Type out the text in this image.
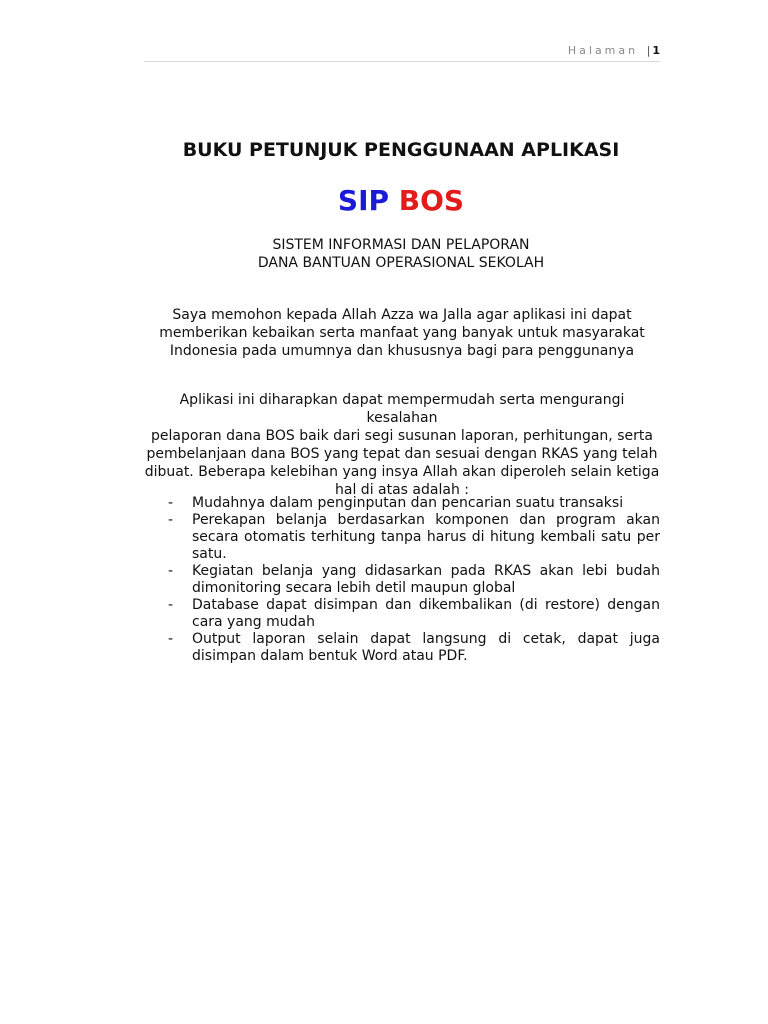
Halaman | 1
BUKU PETUNJUK PENGGUNAAN APLIKASI
SIP BOS
SISTEM INFORMASI DAN PELAPORAN
DANA BANTUAN OPERASIONAL SEKOLAH
Saya memohon kepada Allah Azza wa Jalla agar aplikasi ini dapat
memberikan kebaikan serta manfaat yang banyak untuk masyarakat
Indonesia pada umumnya dan khususnya bagi para penggunanya
Aplikasi ini diharapkan dapat mempermudah serta mengurangi kesalahan
pelaporan dana BOS baik dari segi susunan laporan, perhitungan, serta
pembelanjaan dana BOS yang tepat dan sesuai dengan RKAS yang telah
dibuat. Beberapa kelebihan yang insya Allah akan diperoleh selain ketiga
hal di atas adalah :
- Mudahnya dalam penginputan dan pencarian suatu transaksi
- Perekapan belanja berdasarkan komponen dan program akan secara otomatis terhitung tanpa harus di hitung kembali satu per satu.
- Kegiatan belanja yang didasarkan pada RKAS akan lebi budah dimonitoring secara lebih detil maupun global
- Database dapat disimpan dan dikembalikan (di restore) dengan cara yang mudah
- Output laporan selain dapat langsung di cetak, dapat juga disimpan dalam bentuk Word atau PDF.
